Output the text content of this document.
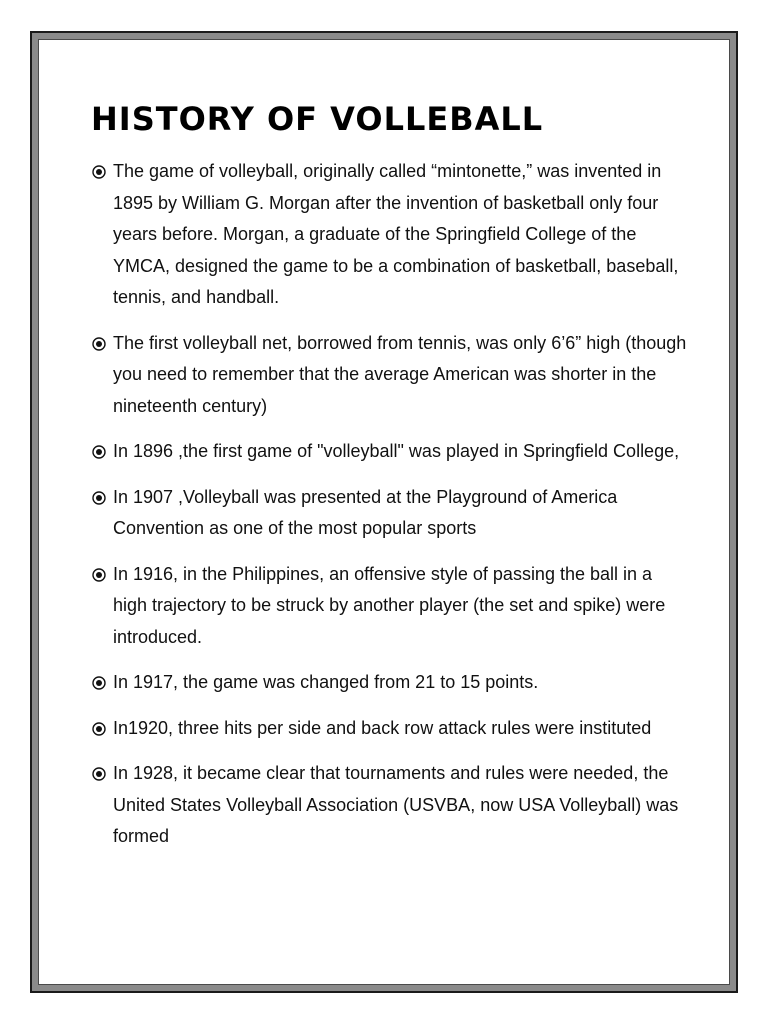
HISTORY OF VOLLEBALL
The game of volleyball, originally called “mintonette,” was invented in 1895 by William G. Morgan after the invention of basketball only four years before. Morgan, a graduate of the Springfield College of the YMCA, designed the game to be a combination of basketball, baseball, tennis, and handball.
The first volleyball net, borrowed from tennis, was only 6’6” high (though you need to remember that the average American was shorter in the nineteenth century)
In 1896 ,the first game of "volleyball" was played in Springfield College,
In 1907 ,Volleyball was presented at the Playground of America Convention as one of the most popular sports
In 1916, in the Philippines, an offensive style of passing the ball in a high trajectory to be struck by another player (the set and spike) were introduced.
In 1917, the game was changed from 21 to 15 points.
In1920, three hits per side and back row attack rules were instituted
In 1928, it became clear that tournaments and rules were needed, the United States Volleyball Association (USVBA, now USA Volleyball) was formed
